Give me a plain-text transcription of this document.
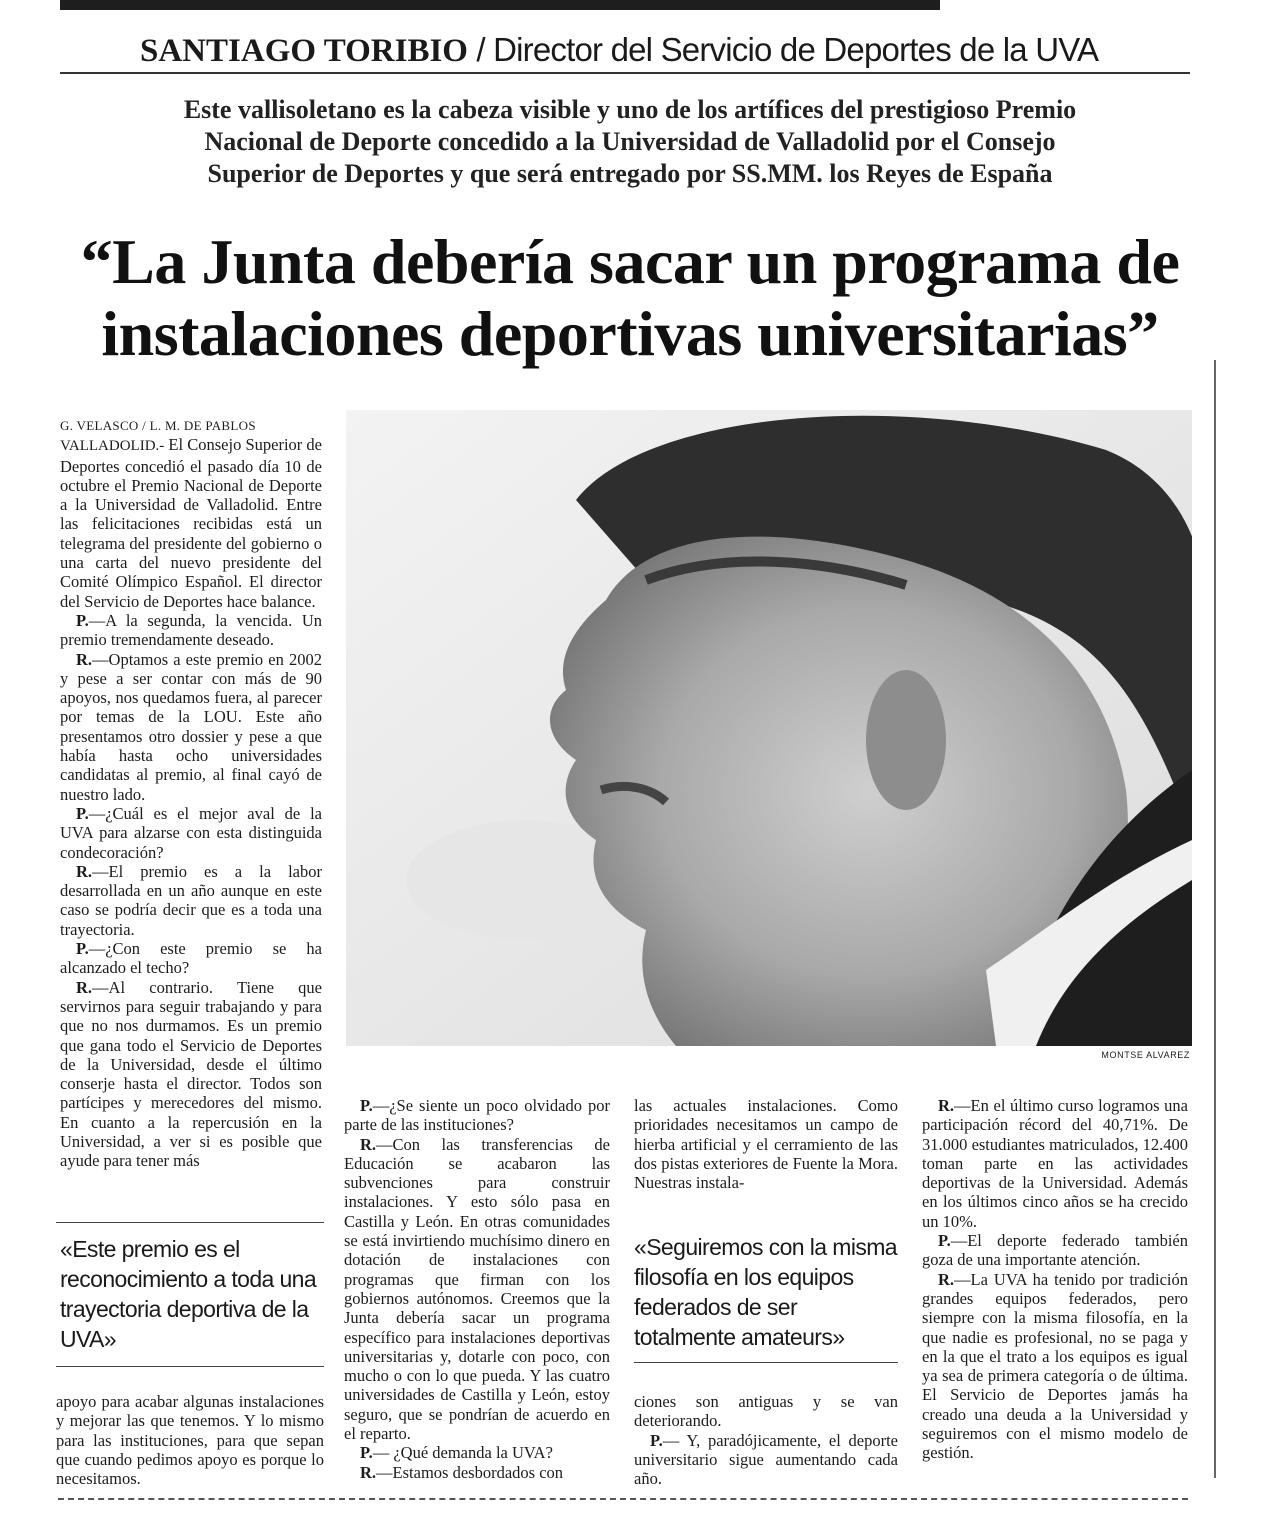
SANTIAGO TORIBIO / Director del Servicio de Deportes de la UVA
Este vallisoletano es la cabeza visible y uno de los artífices del prestigioso Premio
Nacional de Deporte concedido a la Universidad de Valladolid por el Consejo
Superior de Deportes y que será entregado por SS.MM. los Reyes de España
“La Junta debería sacar un programa de
instalaciones deportivas universitarias”
MONTSE ALVAREZ

G. VELASCO / L. M. DE PABLOS

VALLADOLID.- El Consejo Superior de Deportes concedió el pasado día 10 de octubre el Premio Nacional de Deporte a la Universidad de Valladolid. Entre las felicitaciones recibidas está un telegrama del presidente del gobierno o una carta del nuevo presidente del Comité Olímpico Español. El director del Servicio de Deportes hace balance.

P.—A la segunda, la vencida. Un premio tremendamente deseado.

R.—Optamos a este premio en 2002 y pese a ser contar con más de 90 apoyos, nos quedamos fuera, al parecer por temas de la LOU. Este año presentamos otro dossier y pese a que había hasta ocho universidades candidatas al premio, al final cayó de nuestro lado.

P.—¿Cuál es el mejor aval de la UVA para alzarse con esta distinguida condecoración?

R.—El premio es a la labor desarrollada en un año aunque en este caso se podría decir que es a toda una trayectoria.

P.—¿Con este premio se ha alcanzado el techo?

R.—Al contrario. Tiene que servirnos para seguir trabajando y para que no nos durmamos. Es un premio que gana todo el Servicio de Deportes de la Universidad, desde el último conserje hasta el director. Todos son partícipes y merecedores del mismo. En cuanto a la repercusión en la Universidad, a ver si es posible que ayude para tener más

«Este premio es el reconocimiento a toda una trayectoria deportiva de la UVA»

apoyo para acabar algunas instalaciones y mejorar las que tenemos. Y lo mismo para las instituciones, para que sepan que cuando pedimos apoyo es porque lo necesitamos.

P.—¿Se siente un poco olvidado por parte de las instituciones?

R.—Con las transferencias de Educación se acabaron las subvenciones para construir instalaciones. Y esto sólo pasa en Castilla y León. En otras comunidades se está invirtiendo muchísimo dinero en dotación de instalaciones con programas que firman con los gobiernos autónomos. Creemos que la Junta debería sacar un programa específico para instalaciones deportivas universitarias y, dotarle con poco, con mucho o con lo que pueda. Y las cuatro universidades de Castilla y León, estoy seguro, que se pondrían de acuerdo en el reparto.

P.— ¿Qué demanda la UVA?

R.—Estamos desbordados con

las actuales instalaciones. Como prioridades necesitamos un campo de hierba artificial y el cerramiento de las dos pistas exteriores de Fuente la Mora. Nuestras instala-

«Seguiremos con la misma filosofía en los equipos federados de ser totalmente amateurs»

ciones son antiguas y se van deteriorando.

P.— Y, paradójicamente, el deporte universitario sigue aumentando cada año.

R.—En el último curso logramos una participación récord del 40,71%. De 31.000 estudiantes matriculados, 12.400 toman parte en las actividades deportivas de la Universidad. Además en los últimos cinco años se ha crecido un 10%.

P.—El deporte federado también goza de una importante atención.

R.—La UVA ha tenido por tradición grandes equipos federados, pero siempre con la misma filosofía, en la que nadie es profesional, no se paga y en la que el trato a los equipos es igual ya sea de primera categoría o de última. El Servicio de Deportes jamás ha creado una deuda a la Universidad y seguiremos con el mismo modelo de gestión.
